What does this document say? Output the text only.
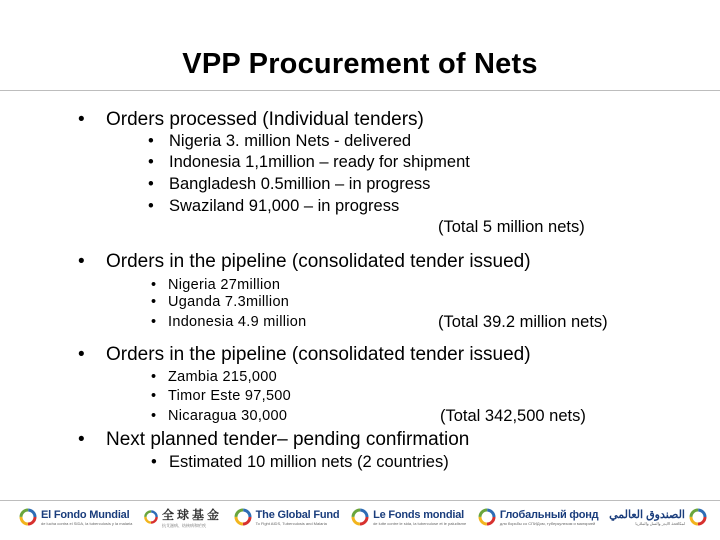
VPP Procurement of Nets
• Orders processed (Individual tenders)
• Nigeria 3. million Nets - delivered
• Indonesia 1,1million – ready for shipment
• Bangladesh 0.5million – in progress
• Swaziland 91,000 – in progress
(Total 5 million nets)
• Orders in the pipeline (consolidated tender issued)
• Nigeria 27million
• Uganda 7.3million
• Indonesia 4.9 million	(Total 39.2 million nets)
• Orders in the pipeline (consolidated tender issued)
• Zambia 215,000
• Timor Este 97,500
• Nicaragua 30,000	(Total 342,500 nets)
• Next planned tender– pending confirmation
• Estimated 10 million nets (2 countries)
El Fondo Mundial
de lucha contra el SIDA, la tuberculosis y la malaria
全球基金
抗艾滋病、结核病和疟疾
The Global Fund
To Fight AIDS, Tuberculosis and Malaria
Le Fonds mondial
de lutte contre le sida, la tuberculose et le paludisme
Глобальный фонд
для борьбы со СПИДом, туберкулезом и малярией
الصندوق العالمي
لمكافحة الايدز والسل والملاريا
